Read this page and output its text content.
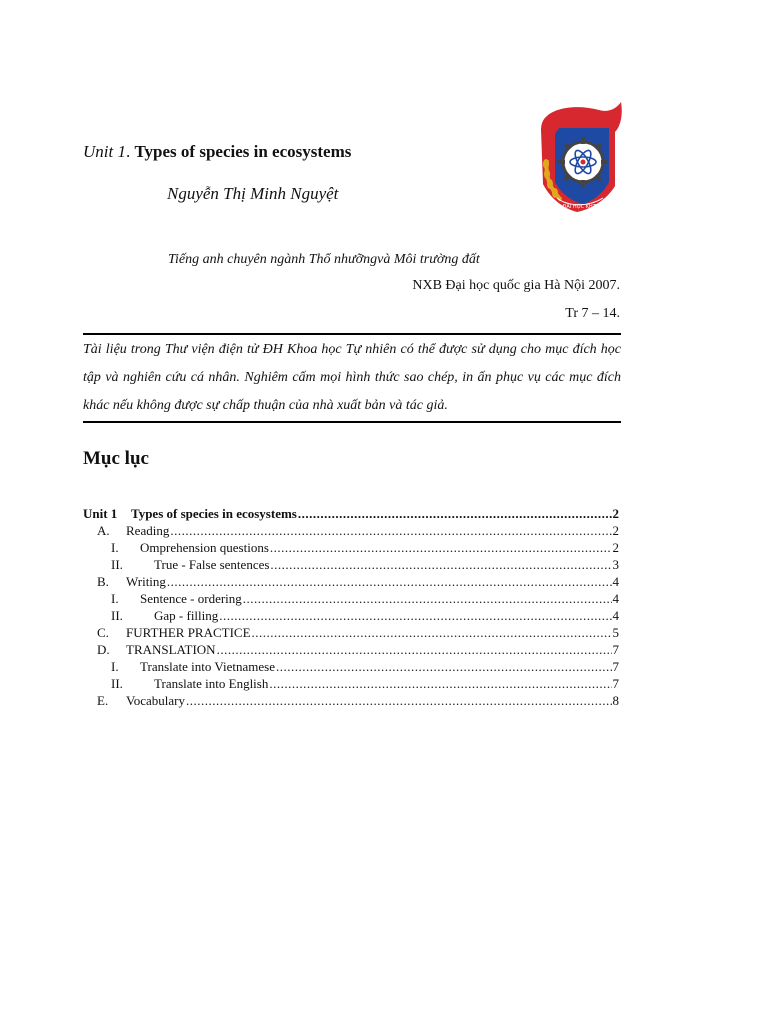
Unit 1. Types of species in ecosystems
Nguyễn Thị Minh Nguyệt
ĐẠI HỌC KHTN
Tiếng anh chuyên ngành Thổ nhưỡngvà Môi trường đất
NXB Đại học quốc gia Hà Nội 2007.
Tr 7 – 14.
Tài liệu trong Thư viện điện tử ĐH Khoa học Tự nhiên có thể được sử dụng cho mục đích học tập và nghiên cứu cá nhân. Nghiêm cấm mọi hình thức sao chép, in ấn phục vụ các mục đích khác nếu không được sự chấp thuận của nhà xuất bản và tác giả.
Mục lục
Unit 1	Types of species in ecosystems .....	2
A.	Reading .....	2
I.	Omprehension questions .....	2
II.	True - False sentences .....	3
B.	Writing .....	4
I.	Sentence - ordering .....	4
II.	Gap - filling .....	4
C.	FURTHER PRACTICE .....	5
D.	TRANSLATION .....	7
I.	Translate into Vietnamese .....	7
II.	Translate into English .....	7
E.	Vocabulary .....	8
